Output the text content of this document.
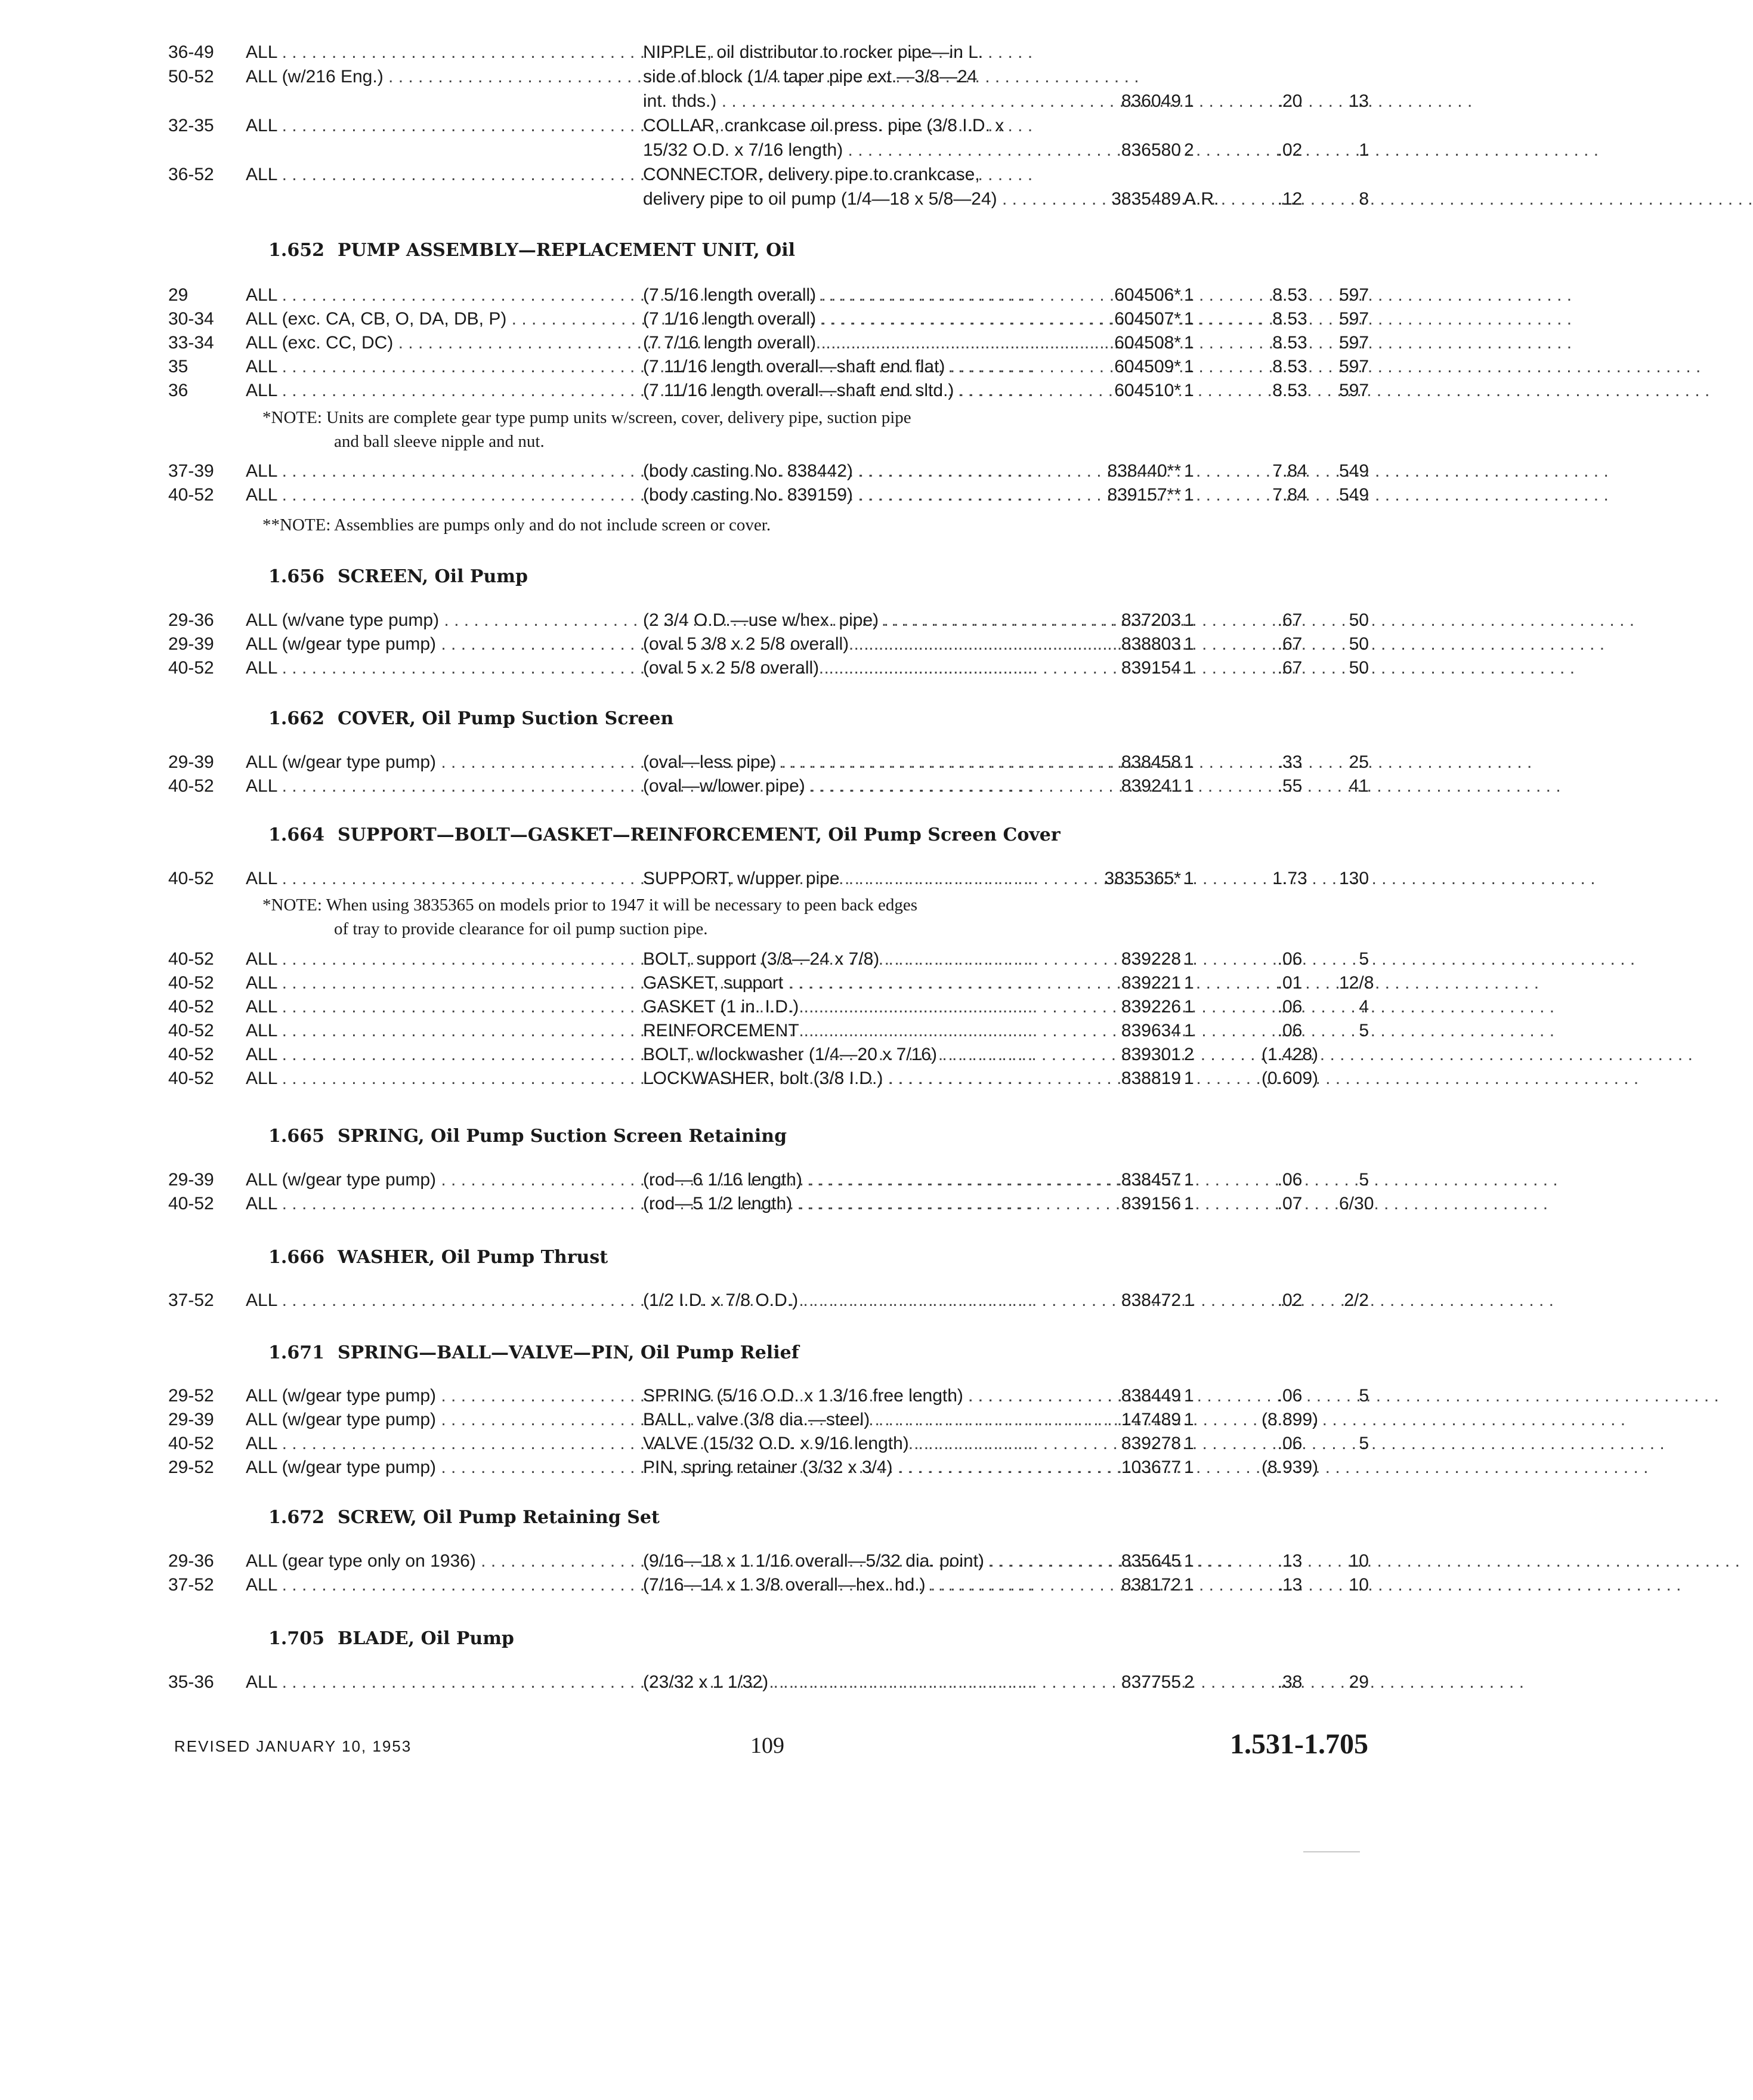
36-49	ALL . . .	NIPPLE, oil distributor to rocker pipe—in L.
50-52	ALL (w/216 Eng.) . . .	side of block (1/4 taper pipe ext.—3/8—24
int. thds.) . . .	836049 1	.20	13
32-35	ALL . . .	COLLAR, crankcase oil press. pipe (3/8 I.D. x
15/32 O.D. x 7/16 length) . . .	836580 2	.02	1
36-52	ALL . . .	CONNECTOR, delivery pipe to crankcase,
delivery pipe to oil pump (1/4—18 x 5/8—24) . . .	3835489 A.R.	.12	8
1.652 PUMP ASSEMBLY—REPLACEMENT UNIT, Oil
29	ALL . . .	(7 5/16 length overall) . . .	604506* 1	8.53	597
30-34	ALL (exc. CA, CB, O, DA, DB, P) . . .	(7 1/16 length overall) . . .	604507* 1	8.53	597
33-34	ALL (exc. CC, DC) . . .	(7 7/16 length overall) . . .	604508* 1	8.53	597
35	ALL . . .	(7 11/16 length overall—shaft end flat) . . .	604509* 1	8.53	597
36	ALL . . .	(7 11/16 length overall—shaft end sltd.) . . .	604510* 1	8.53	597
*NOTE: Units are complete gear type pump units w/screen, cover, delivery pipe, suction pipe
and ball sleeve nipple and nut.
37-39	ALL . . .	(body casting No. 838442) . . .	838440** 1	7.84	549
40-52	ALL . . .	(body casting No. 839159) . . .	839157** 1	7.84	549
**NOTE: Assemblies are pumps only and do not include screen or cover.
1.656 SCREEN, Oil Pump
29-36	ALL (w/vane type pump) . . .	(2 3/4 O.D.—use w/hex. pipe) . . .	837203 1	.67	50
29-39	ALL (w/gear type pump) . . .	(oval 5 3/8 x 2 5/8 overall) . . .	838803 1	.67	50
40-52	ALL . . .	(oval 5 x 2 5/8 overall) . . .	839154 1	.67	50
1.662 COVER, Oil Pump Suction Screen
29-39	ALL (w/gear type pump) . . .	(oval—less pipe) . . .	838458 1	.33	25
40-52	ALL . . .	(oval—w/lower pipe) . . .	839241 1	.55	41
1.664 SUPPORT—BOLT—GASKET—REINFORCEMENT, Oil Pump Screen Cover
40-52	ALL . . .	SUPPORT, w/upper pipe . . .	3835365* 1	1.73	130
*NOTE: When using 3835365 on models prior to 1947 it will be necessary to peen back edges
of tray to provide clearance for oil pump suction pipe.
40-52	ALL . . .	BOLT, support (3/8—24 x 7/8) . . .	839228 1	.06	5
40-52	ALL . . .	GASKET, support . . .	839221 1	.01	12/8
40-52	ALL . . .	GASKET (1 in. I.D.) . . .	839226 1	.06	4
40-52	ALL . . .	REINFORCEMENT . . .	839634 1	.06	5
40-52	ALL . . .	BOLT, w/lockwasher (1/4—20 x 7/16) . . .	839301 2	(1.428)
40-52	ALL . . .	LOCKWASHER, bolt (3/8 I.D.) . . .	838819 1	(0.609)
1.665 SPRING, Oil Pump Suction Screen Retaining
29-39	ALL (w/gear type pump) . . .	(rod—6 1/16 length) . . .	838457 1	.06	5
40-52	ALL . . .	(rod—5 1/2 length) . . .	839156 1	.07	6/30
1.666 WASHER, Oil Pump Thrust
37-52	ALL . . .	(1/2 I.D. x 7/8 O.D.) . . .	838472 1	.02	2/2
1.671 SPRING—BALL—VALVE—PIN, Oil Pump Relief
29-52	ALL (w/gear type pump) . . .	SPRING (5/16 O.D. x 1 3/16 free length) . . .	838449 1	.06	5
29-39	ALL (w/gear type pump) . . .	BALL, valve (3/8 dia.—steel) . . .	147489 1	(8.899)
40-52	ALL . . .	VALVE (15/32 O.D. x 9/16 length) . . .	839278 1	.06	5
29-52	ALL (w/gear type pump) . . .	PIN, spring retainer (3/32 x 3/4) . . .	103677 1	(8.939)
1.672 SCREW, Oil Pump Retaining Set
29-36	ALL (gear type only on 1936) . . .	(9/16—18 x 1 1/16 overall—5/32 dia. point) . . .	835645 1	.13	10
37-52	ALL . . .	(7/16—14 x 1 3/8 overall—hex. hd.) . . .	838172 1	.13	10
1.705 BLADE, Oil Pump
35-36	ALL . . .	(23/32 x 1 1/32) . . .	837755 2	.38	29
REVISED JANUARY 10, 1953	109	1.531-1.705
